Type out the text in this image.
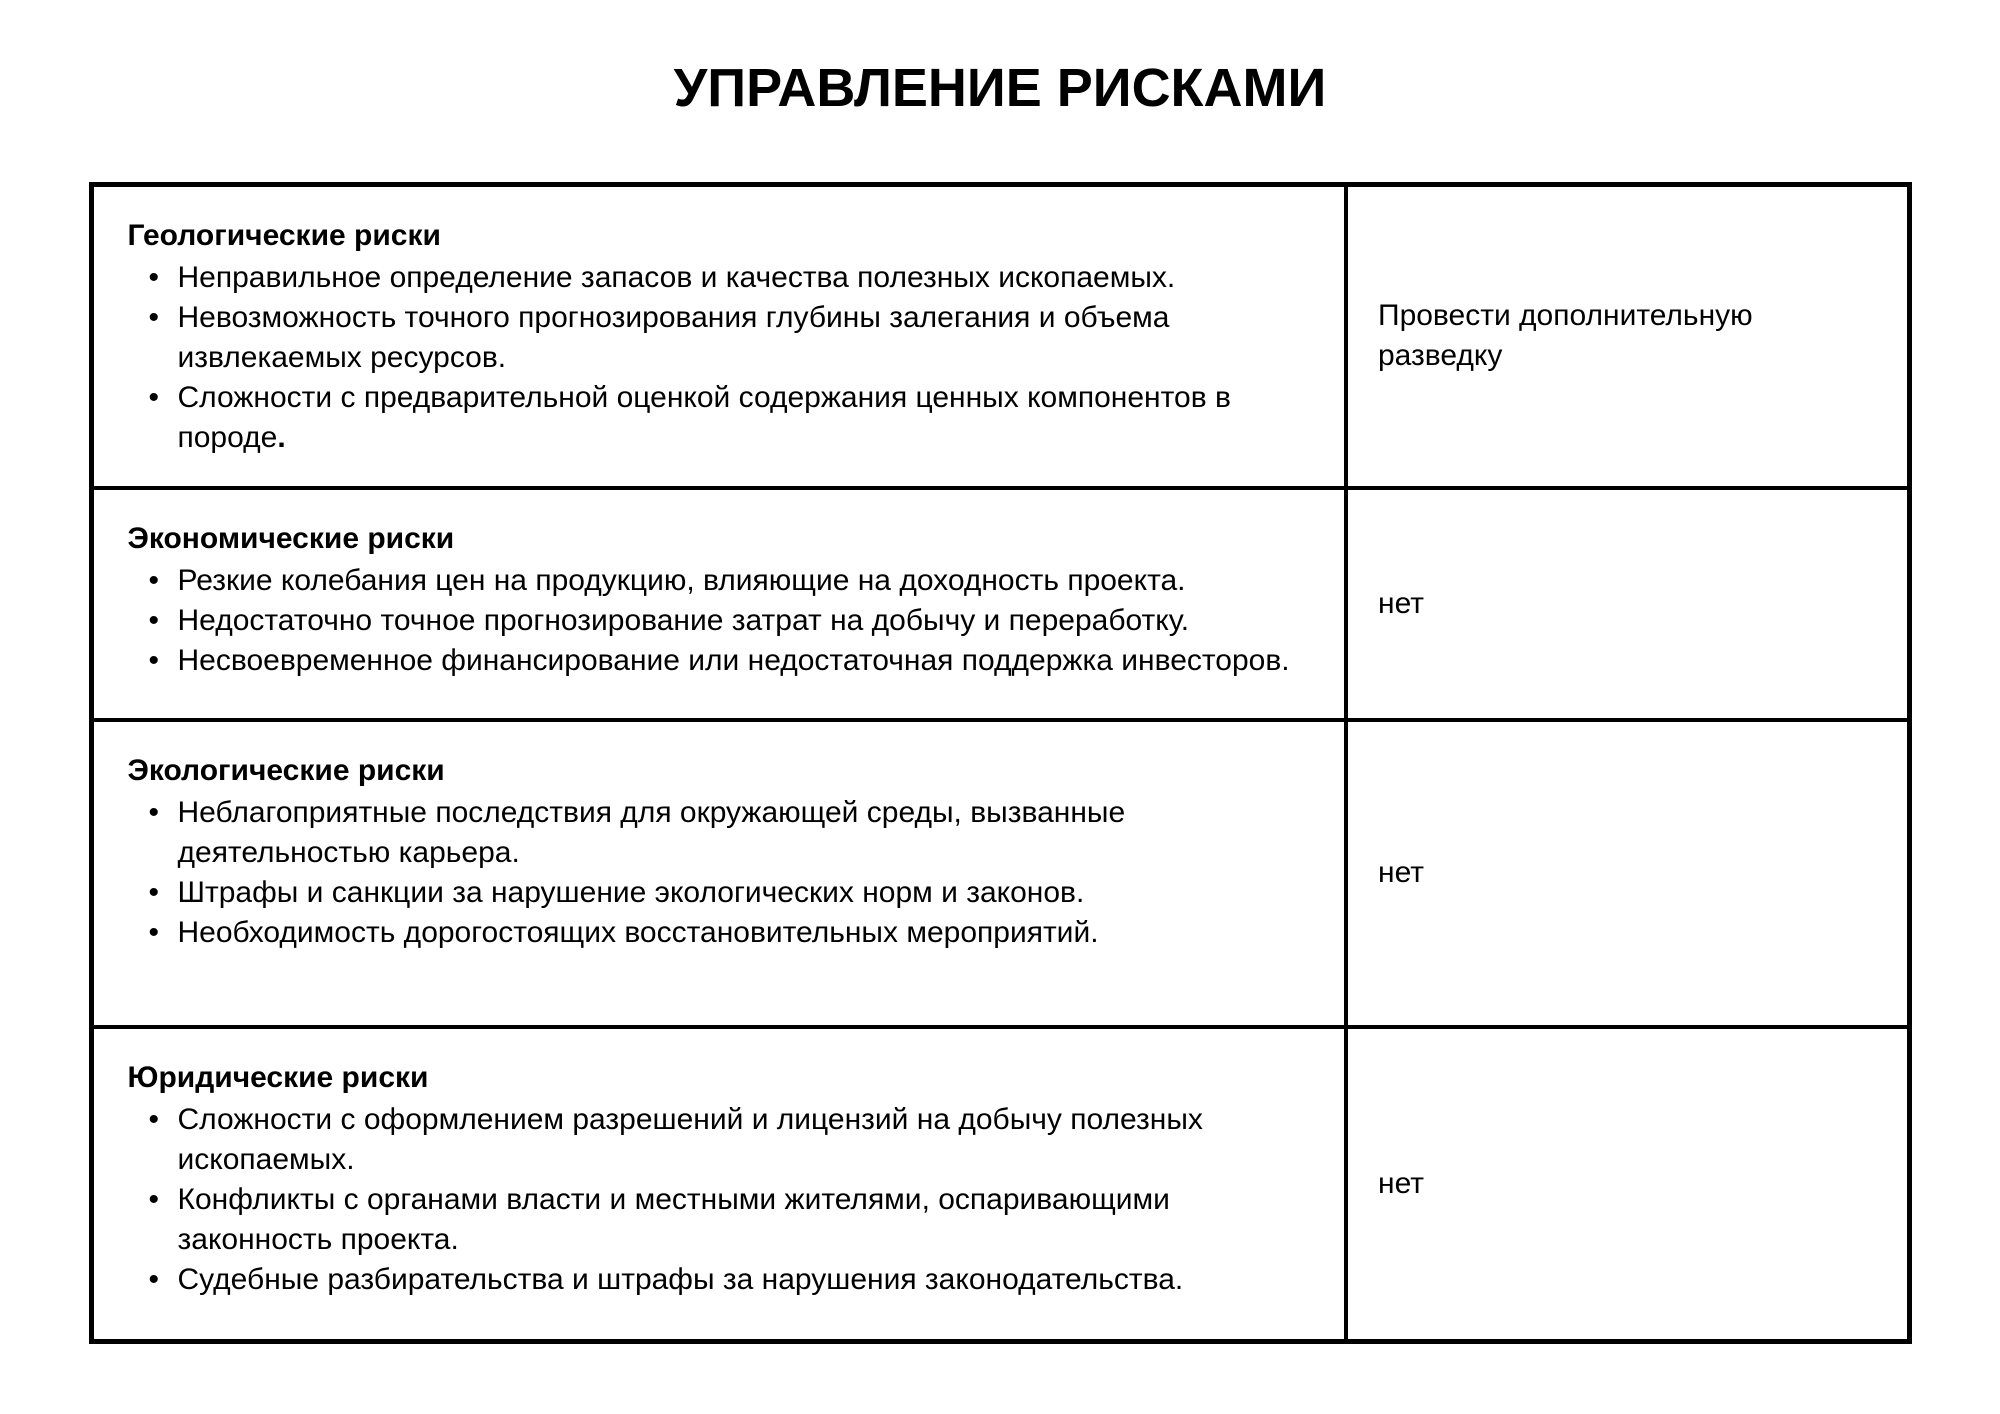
УПРАВЛЕНИЕ РИСКАМИ

Геологические риски

• Неправильное определение запасов и качества полезных ископаемых.
• Невозможность точного прогнозирования глубины залегания и объема извлекаемых ресурсов.
• Сложности с предварительной оценкой содержания ценных компонентов в породе.
	Провести дополнительную разведку

Экономические риски

• Резкие колебания цен на продукцию, влияющие на доходность проекта.
• Недостаточно точное прогнозирование затрат на добычу и переработку.
• Несвоевременное финансирование или недостаточная поддержка инвесторов.
	нет

Экологические риски

• Неблагоприятные последствия для окружающей среды, вызванные деятельностью карьера.
• Штрафы и санкции за нарушение экологических норм и законов.
• Необходимость дорогостоящих восстановительных мероприятий.
	нет

Юридические риски

• Сложности с оформлением разрешений и лицензий на добычу полезных ископаемых.
• Конфликты с органами власти и местными жителями, оспаривающими законность проекта.
• Судебные разбирательства и штрафы за нарушения законодательства.
	нет
